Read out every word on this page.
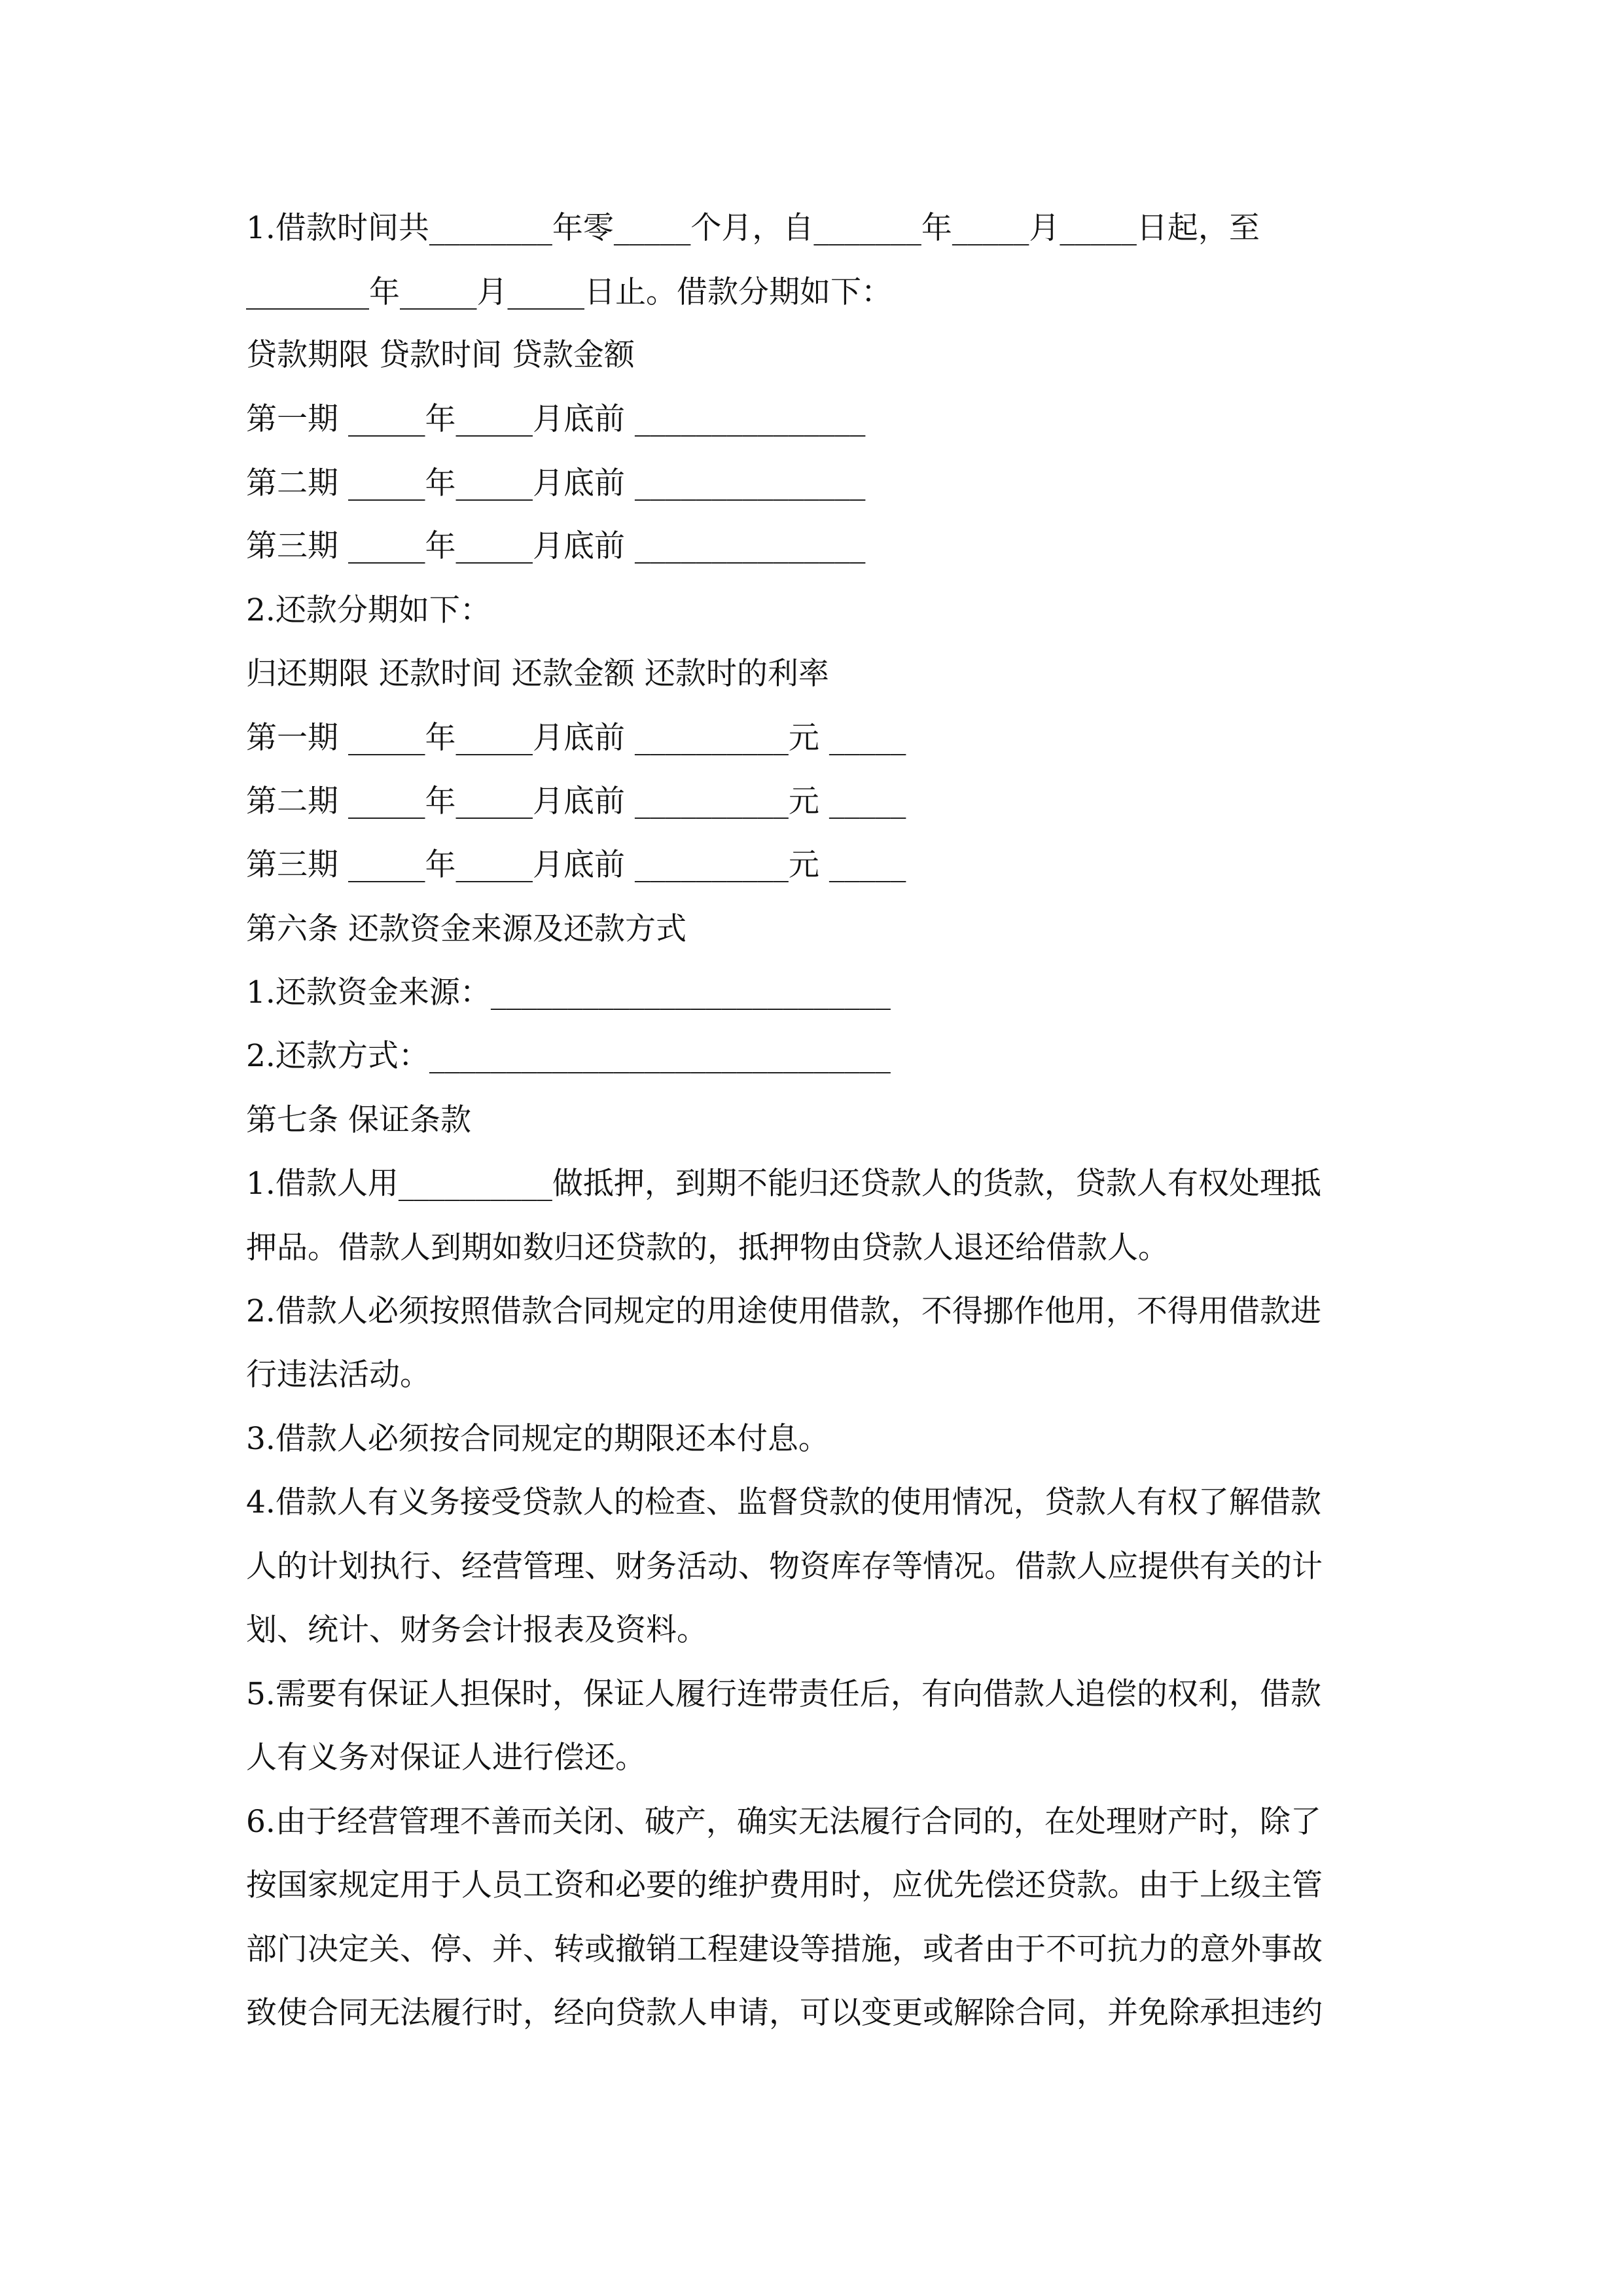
1.借款时间共________年零_____个月，自_______年_____月_____日起，至
________年_____月_____日止。借款分期如下：
贷款期限 贷款时间 贷款金额
第一期 _____年_____月底前 _______________
第二期 _____年_____月底前 _______________
第三期 _____年_____月底前 _______________
2.还款分期如下：
归还期限 还款时间 还款金额 还款时的利率
第一期 _____年_____月底前 __________元 _____
第二期 _____年_____月底前 __________元 _____
第三期 _____年_____月底前 __________元 _____
第六条 还款资金来源及还款方式
1.还款资金来源：__________________________
2.还款方式：______________________________
第七条 保证条款
1.借款人用__________做抵押，到期不能归还贷款人的货款，贷款人有权处理抵
押品。借款人到期如数归还贷款的，抵押物由贷款人退还给借款人。
2.借款人必须按照借款合同规定的用途使用借款，不得挪作他用，不得用借款进
行违法活动。
3.借款人必须按合同规定的期限还本付息。
4.借款人有义务接受贷款人的检查、监督贷款的使用情况，贷款人有权了解借款
人的计划执行、经营管理、财务活动、物资库存等情况。借款人应提供有关的计
划、统计、财务会计报表及资料。
5.需要有保证人担保时，保证人履行连带责任后，有向借款人追偿的权利，借款
人有义务对保证人进行偿还。
6.由于经营管理不善而关闭、破产，确实无法履行合同的，在处理财产时，除了
按国家规定用于人员工资和必要的维护费用时，应优先偿还贷款。由于上级主管
部门决定关、停、并、转或撤销工程建设等措施，或者由于不可抗力的意外事故
致使合同无法履行时，经向贷款人申请，可以变更或解除合同，并免除承担违约
